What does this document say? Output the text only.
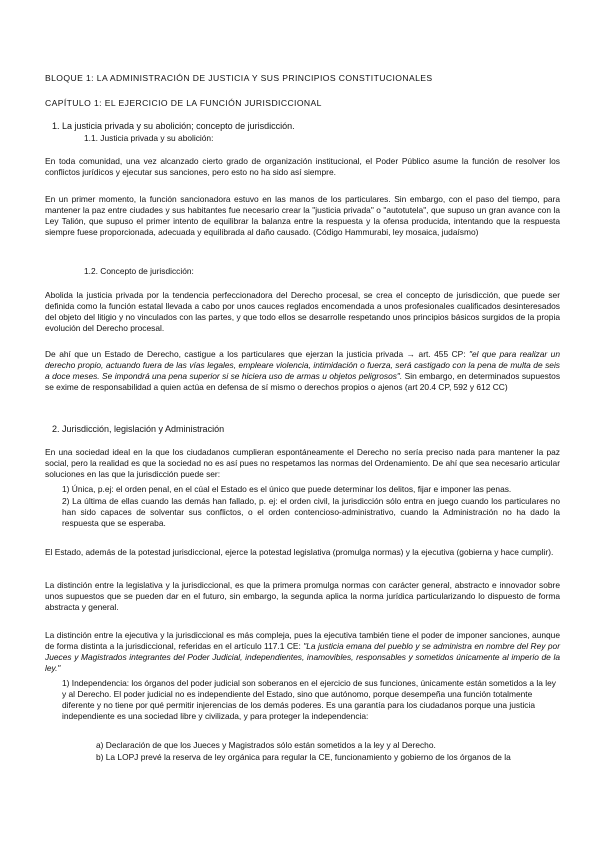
BLOQUE 1: LA ADMINISTRACIÓN DE JUSTICIA Y SUS PRINCIPIOS CONSTITUCIONALES
CAPÍTULO 1: EL EJERCICIO DE LA FUNCIÓN JURISDICCIONAL
1. La justicia privada y su abolición; concepto de jurisdicción.
1.1. Justicia privada y su abolición:

En toda comunidad, una vez alcanzado cierto grado de organización institucional, el Poder Público asume la función de resolver los conflictos jurídicos y ejecutar sus sanciones, pero esto no ha sido así siempre.

En un primer momento, la función sancionadora estuvo en las manos de los particulares. Sin embargo, con el paso del tiempo, para mantener la paz entre ciudades y sus habitantes fue necesario crear la "justicia privada" o "autotutela", que supuso un gran avance con la Ley Talión, que supuso el primer intento de equilibrar la balanza entre la respuesta y la ofensa producida, intentando que la respuesta siempre fuese proporcionada, adecuada y equilibrada al daño causado. (Código Hammurabi, ley mosaica, judaísmo)

1.2. Concepto de jurisdicción:

Abolida la justicia privada por la tendencia perfeccionadora del Derecho procesal, se crea el concepto de jurisdicción, que puede ser definida como la función estatal llevada a cabo por unos cauces reglados encomendada a unos profesionales cualificados desinteresados del objeto del litigio y no vinculados con las partes, y que todo ellos se desarrolle respetando unos principios básicos surgidos de la propia evolución del Derecho procesal.

De ahí que un Estado de Derecho, castigue a los particulares que ejerzan la justicia privada → art. 455 CP: "el que para realizar un derecho propio, actuando fuera de las vías legales, empleare violencia, intimidación o fuerza, será castigado con la pena de multa de seis a doce meses. Se impondrá una pena superior si se hiciera uso de armas u objetos peligrosos". Sin embargo, en determinados supuestos se exime de responsabilidad a quien actúa en defensa de sí mismo o derechos propios o ajenos (art 20.4 CP, 592 y 612 CC)

2. Jurisdicción, legislación y Administración

En una sociedad ideal en la que los ciudadanos cumplieran espontáneamente el Derecho no sería preciso nada para mantener la paz social, pero la realidad es que la sociedad no es así pues no respetamos las normas del Ordenamiento. De ahí que sea necesario articular soluciones en las que la jurisdicción puede ser:

1) Única, p.ej: el orden penal, en el cúal el Estado es el único que puede determinar los delitos, fijar e imponer las penas.

2) La última de ellas cuando las demás han fallado, p. ej: el orden civil, la jurisdicción sólo entra en juego cuando los particulares no han sido capaces de solventar sus conflictos, o el orden contencioso-administrativo, cuando la Administración no ha dado la respuesta que se esperaba.

El Estado, además de la potestad jurisdiccional, ejerce la potestad legislativa (promulga normas) y la ejecutiva (gobierna y hace cumplir).

La distinción entre la legislativa y la jurisdiccional, es que la primera promulga normas con carácter general, abstracto e innovador sobre unos supuestos que se pueden dar en el futuro, sin embargo, la segunda aplica la norma jurídica particularizando lo dispuesto de forma abstracta y general.

La distinción entre la ejecutiva y la jurisdiccional es más compleja, pues la ejecutiva también tiene el poder de imponer sanciones, aunque de forma distinta a la jurisdiccional, referidas en el artículo 117.1 CE: "La justicia emana del pueblo y se administra en nombre del Rey por Jueces y Magistrados integrantes del Poder Judicial, independientes, inamovibles, responsables y sometidos únicamente al imperio de la ley."

1) Independencia: los órganos del poder judicial son soberanos en el ejercicio de sus funciones, únicamente están sometidos a la ley y al Derecho. El poder judicial no es independiente del Estado, sino que autónomo, porque desempeña una función totalmente diferente y no tiene por qué permitir injerencias de los demás poderes. Es una garantía para los ciudadanos porque una justicia independiente es una sociedad libre y civilizada, y para proteger la independencia:

a) Declaración de que los Jueces y Magistrados sólo están sometidos a la ley y al Derecho.

b) La LOPJ prevé la reserva de ley orgánica para regular la CE, funcionamiento y gobierno de los órganos de la
